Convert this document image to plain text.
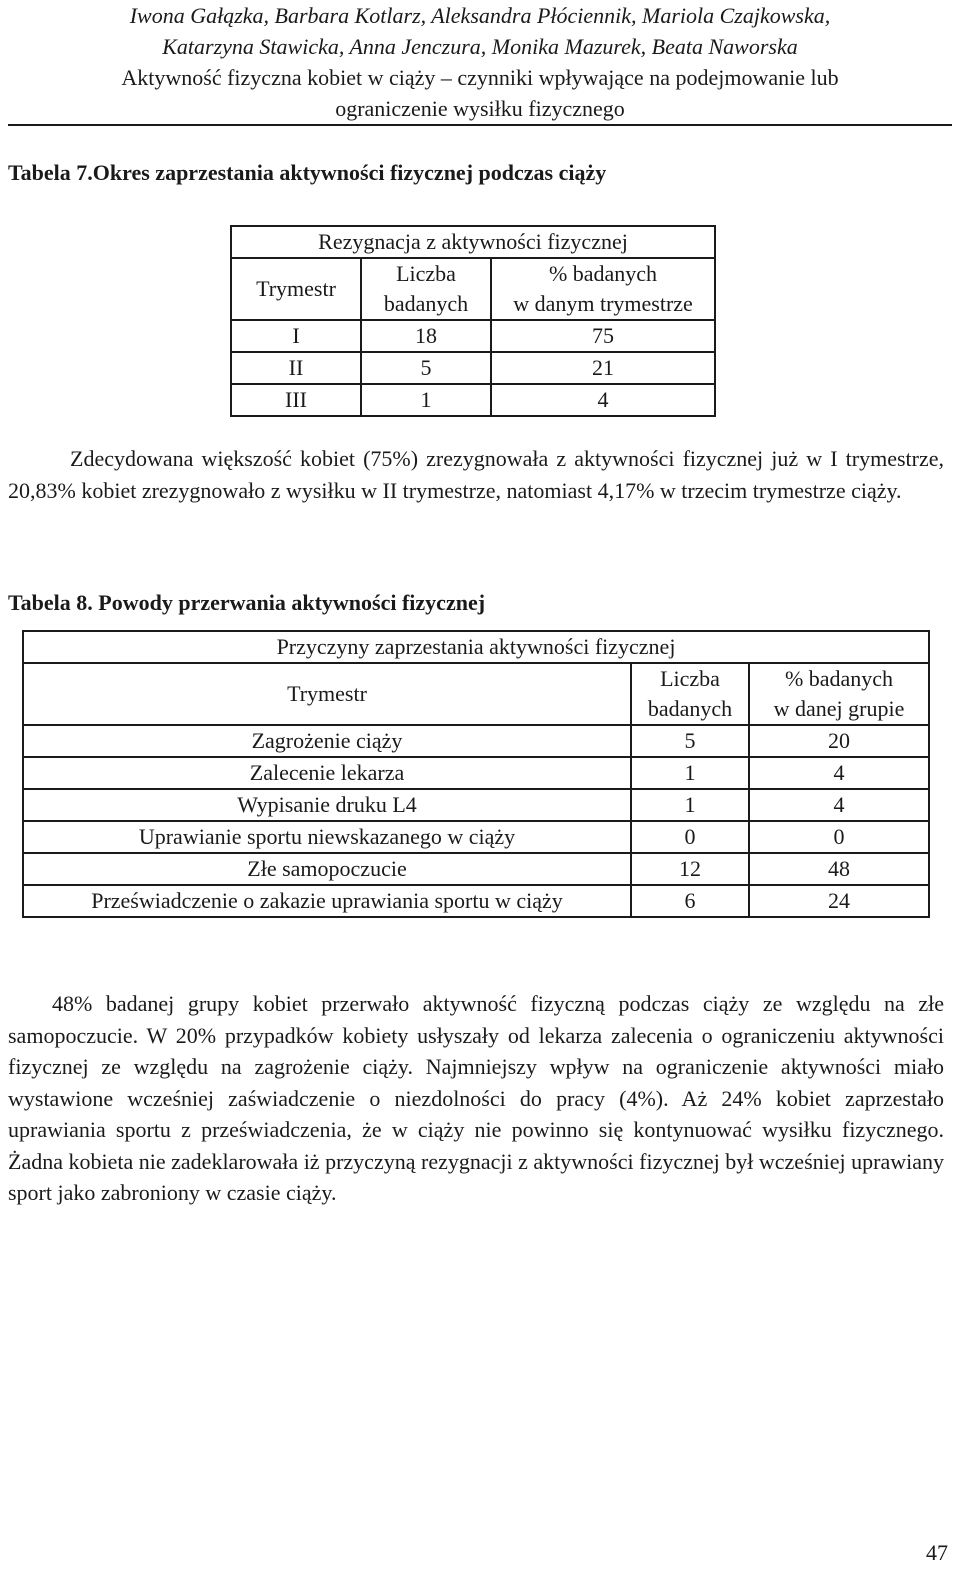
Iwona Gałązka, Barbara Kotlarz, Aleksandra Płóciennik, Mariola Czajkowska,
Katarzyna Stawicka, Anna Jenczura, Monika Mazurek, Beata Naworska
Aktywność fizyczna kobiet w ciąży – czynniki wpływające na podejmowanie lub
ograniczenie wysiłku fizycznego
Tabela 7.Okres zaprzestania aktywności fizycznej podczas ciąży
Rezygnacja z aktywności fizycznej		
Trymestr	Liczba	% badanych
	badanych	w danym trymestrze
I	18	75
II	5	21
III	1	4

Zdecydowana większość kobiet (75%) zrezygnowała z aktywności fizycznej już w I trymestrze, 20,83% kobiet zrezygnowało z wysiłku w II trymestrze, natomiast 4,17% w trzecim trymestrze ciąży.

Tabela 8. Powody przerwania aktywności fizycznej
Przyczyny zaprzestania aktywności fizycznej		
Trymestr	Liczba	% badanych
	badanych	w danej grupie
Zagrożenie ciąży	5	20
Zalecenie lekarza	1	4
Wypisanie druku L4	1	4
Uprawianie sportu niewskazanego w ciąży	0	0
Złe samopoczucie	12	48
Przeświadczenie o zakazie uprawiania sportu w ciąży	6	24

48% badanej grupy kobiet przerwało aktywność fizyczną podczas ciąży ze względu na złe samopoczucie. W 20% przypadków kobiety usłyszały od lekarza zalecenia o ograniczeniu aktywności fizycznej ze względu na zagrożenie ciąży. Najmniejszy wpływ na ograniczenie aktywności miało wystawione wcześniej zaświadczenie o niezdolności do pracy (4%). Aż 24% kobiet zaprzestało uprawiania sportu z przeświadczenia, że w ciąży nie powinno się kontynuować wysiłku fizycznego. Żadna kobieta nie zadeklarowała iż przyczyną rezygnacji z aktywności fizycznej był wcześniej uprawiany sport jako zabroniony w czasie ciąży.

47
